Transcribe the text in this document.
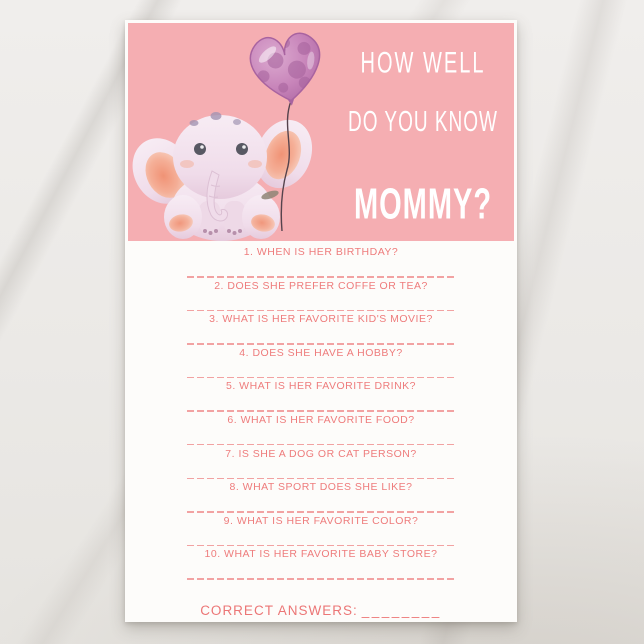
HOW WELL
DO YOU KNOW
MOMMY?
1. WHEN IS HER BIRTHDAY?
2. DOES SHE PREFER COFFE OR TEA?
3. WHAT IS HER FAVORITE KID'S MOVIE?
4. DOES SHE HAVE A HOBBY?
5. WHAT IS HER FAVORITE DRINK?
6. WHAT IS HER FAVORITE FOOD?
7. IS SHE A DOG OR CAT PERSON?
8. WHAT SPORT DOES SHE LIKE?
9. WHAT IS HER FAVORITE COLOR?
10. WHAT IS HER FAVORITE BABY STORE?
CORRECT ANSWERS: ________
